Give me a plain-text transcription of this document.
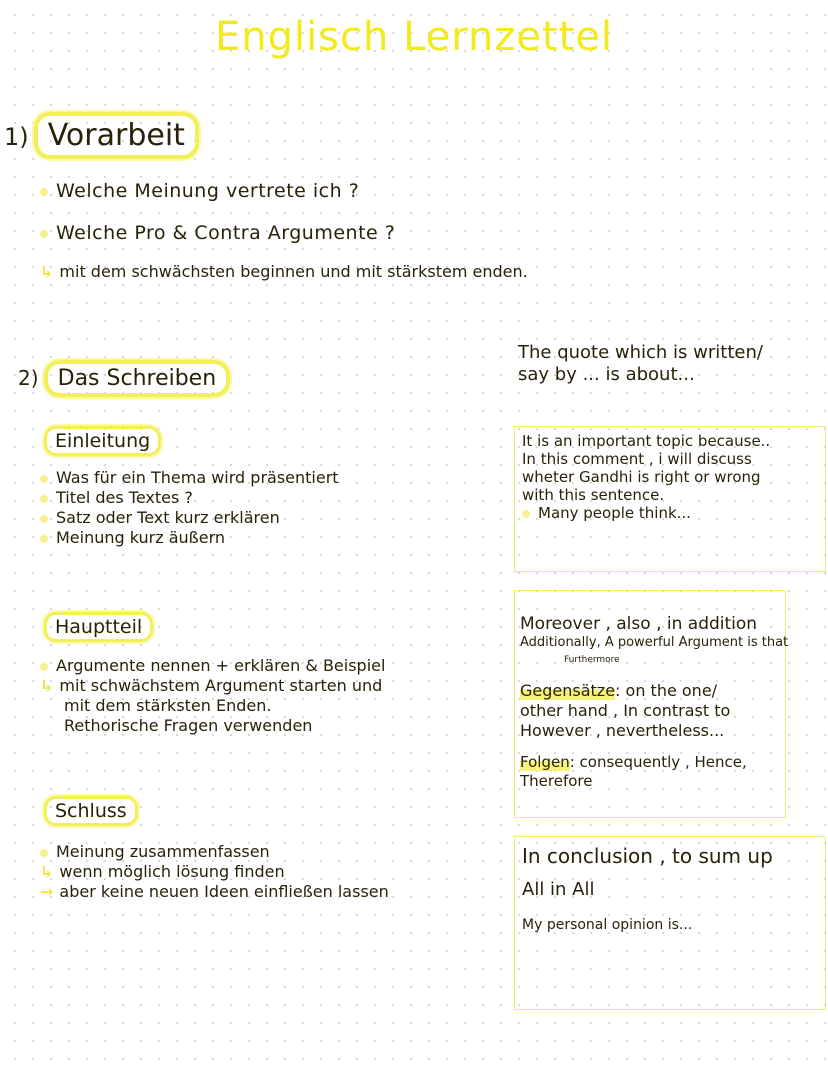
Englisch Lernzettel
1) Vorarbeit
Welche Meinung vertrete ich ?
Welche Pro & Contra Argumente ?
↳ mit dem schwächsten beginnen und mit stärkstem enden.
2) Das Schreiben
Einleitung
Was für ein Thema wird präsentiert
Titel des Textes ?
Satz oder Text kurz erklären
Meinung kurz äußern
Hauptteil
Argumente nennen + erklären & Beispiel
↳ mit schwächstem Argument starten und
mit dem stärksten Enden.
Rethorische Fragen verwenden
Schluss
Meinung zusammenfassen
↳ wenn möglich lösung finden
→ aber keine neuen Ideen einfließen lassen
The quote which is written/
say by ... is about...
It is an important topic because..
In this comment , i will discuss
wheter Gandhi is right or wrong
with this sentence.
Many people think...
Moreover , also , in addition
Additionally, A powerful Argument is that
Furthermore
Gegensätze: on the one/
other hand , In contrast to
However , nevertheless...
Folgen: consequently , Hence,
Therefore
In conclusion , to sum up
All in All
My personal opinion is...
